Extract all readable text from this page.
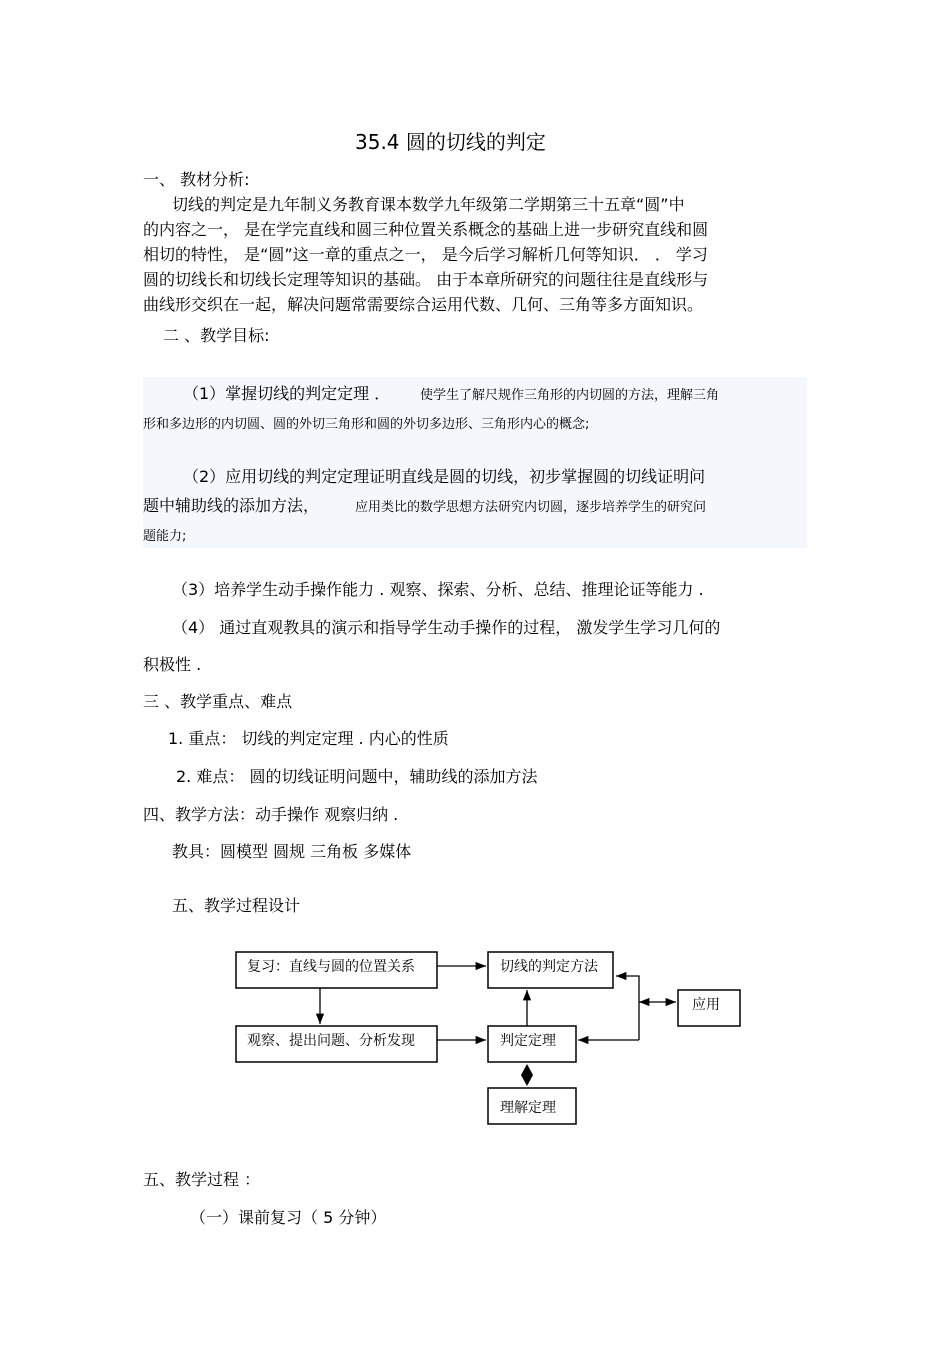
35.4 圆的切线的判定
一、 教材分析:
切线的判定是九年制义务教育课本数学九年级第二学期第三十五章“圆”中
的内容之一， 是在学完直线和圆三种位置关系概念的基础上进一步研究直线和圆
相切的特性， 是“圆”这一章的重点之一， 是今后学习解析几何等知识． ． 学习
圆的切线长和切线长定理等知识的基础。 由于本章所研究的问题往往是直线形与
曲线形交织在一起，解决问题常需要综合运用代数、几何、三角等多方面知识。
二 、教学目标:
（1）掌握切线的判定定理 ． 使学生了解尺规作三角形的内切圆的方法，理解三角
形和多边形的内切圆、圆的外切三角形和圆的外切多边形、三角形内心的概念;
（2）应用切线的判定定理证明直线是圆的切线，初步掌握圆的切线证明问
题中辅助线的添加方法，	应用类比的数学思想方法研究内切圆，逐步培养学生的研究问
题能力;
（3）培养学生动手操作能力 . 观察、探索、分析、总结、推理论证等能力 .
（4） 通过直观教具的演示和指导学生动手操作的过程， 激发学生学习几何的
积极性 .
三 、教学重点、难点
1. 重点： 切线的判定定理 . 内心的性质
2. 难点： 圆的切线证明问题中，辅助线的添加方法
四、教学方法：动手操作 观察归纳 .
教具：圆模型 圆规 三角板 多媒体
五、教学过程设计
复习：直线与圆的位置关系	切线的判定方法
应用
观察、提出问题、分析发现	判定定理
理解定理
五、教学过程 ：
（一）课前复习（ 5 分钟）
